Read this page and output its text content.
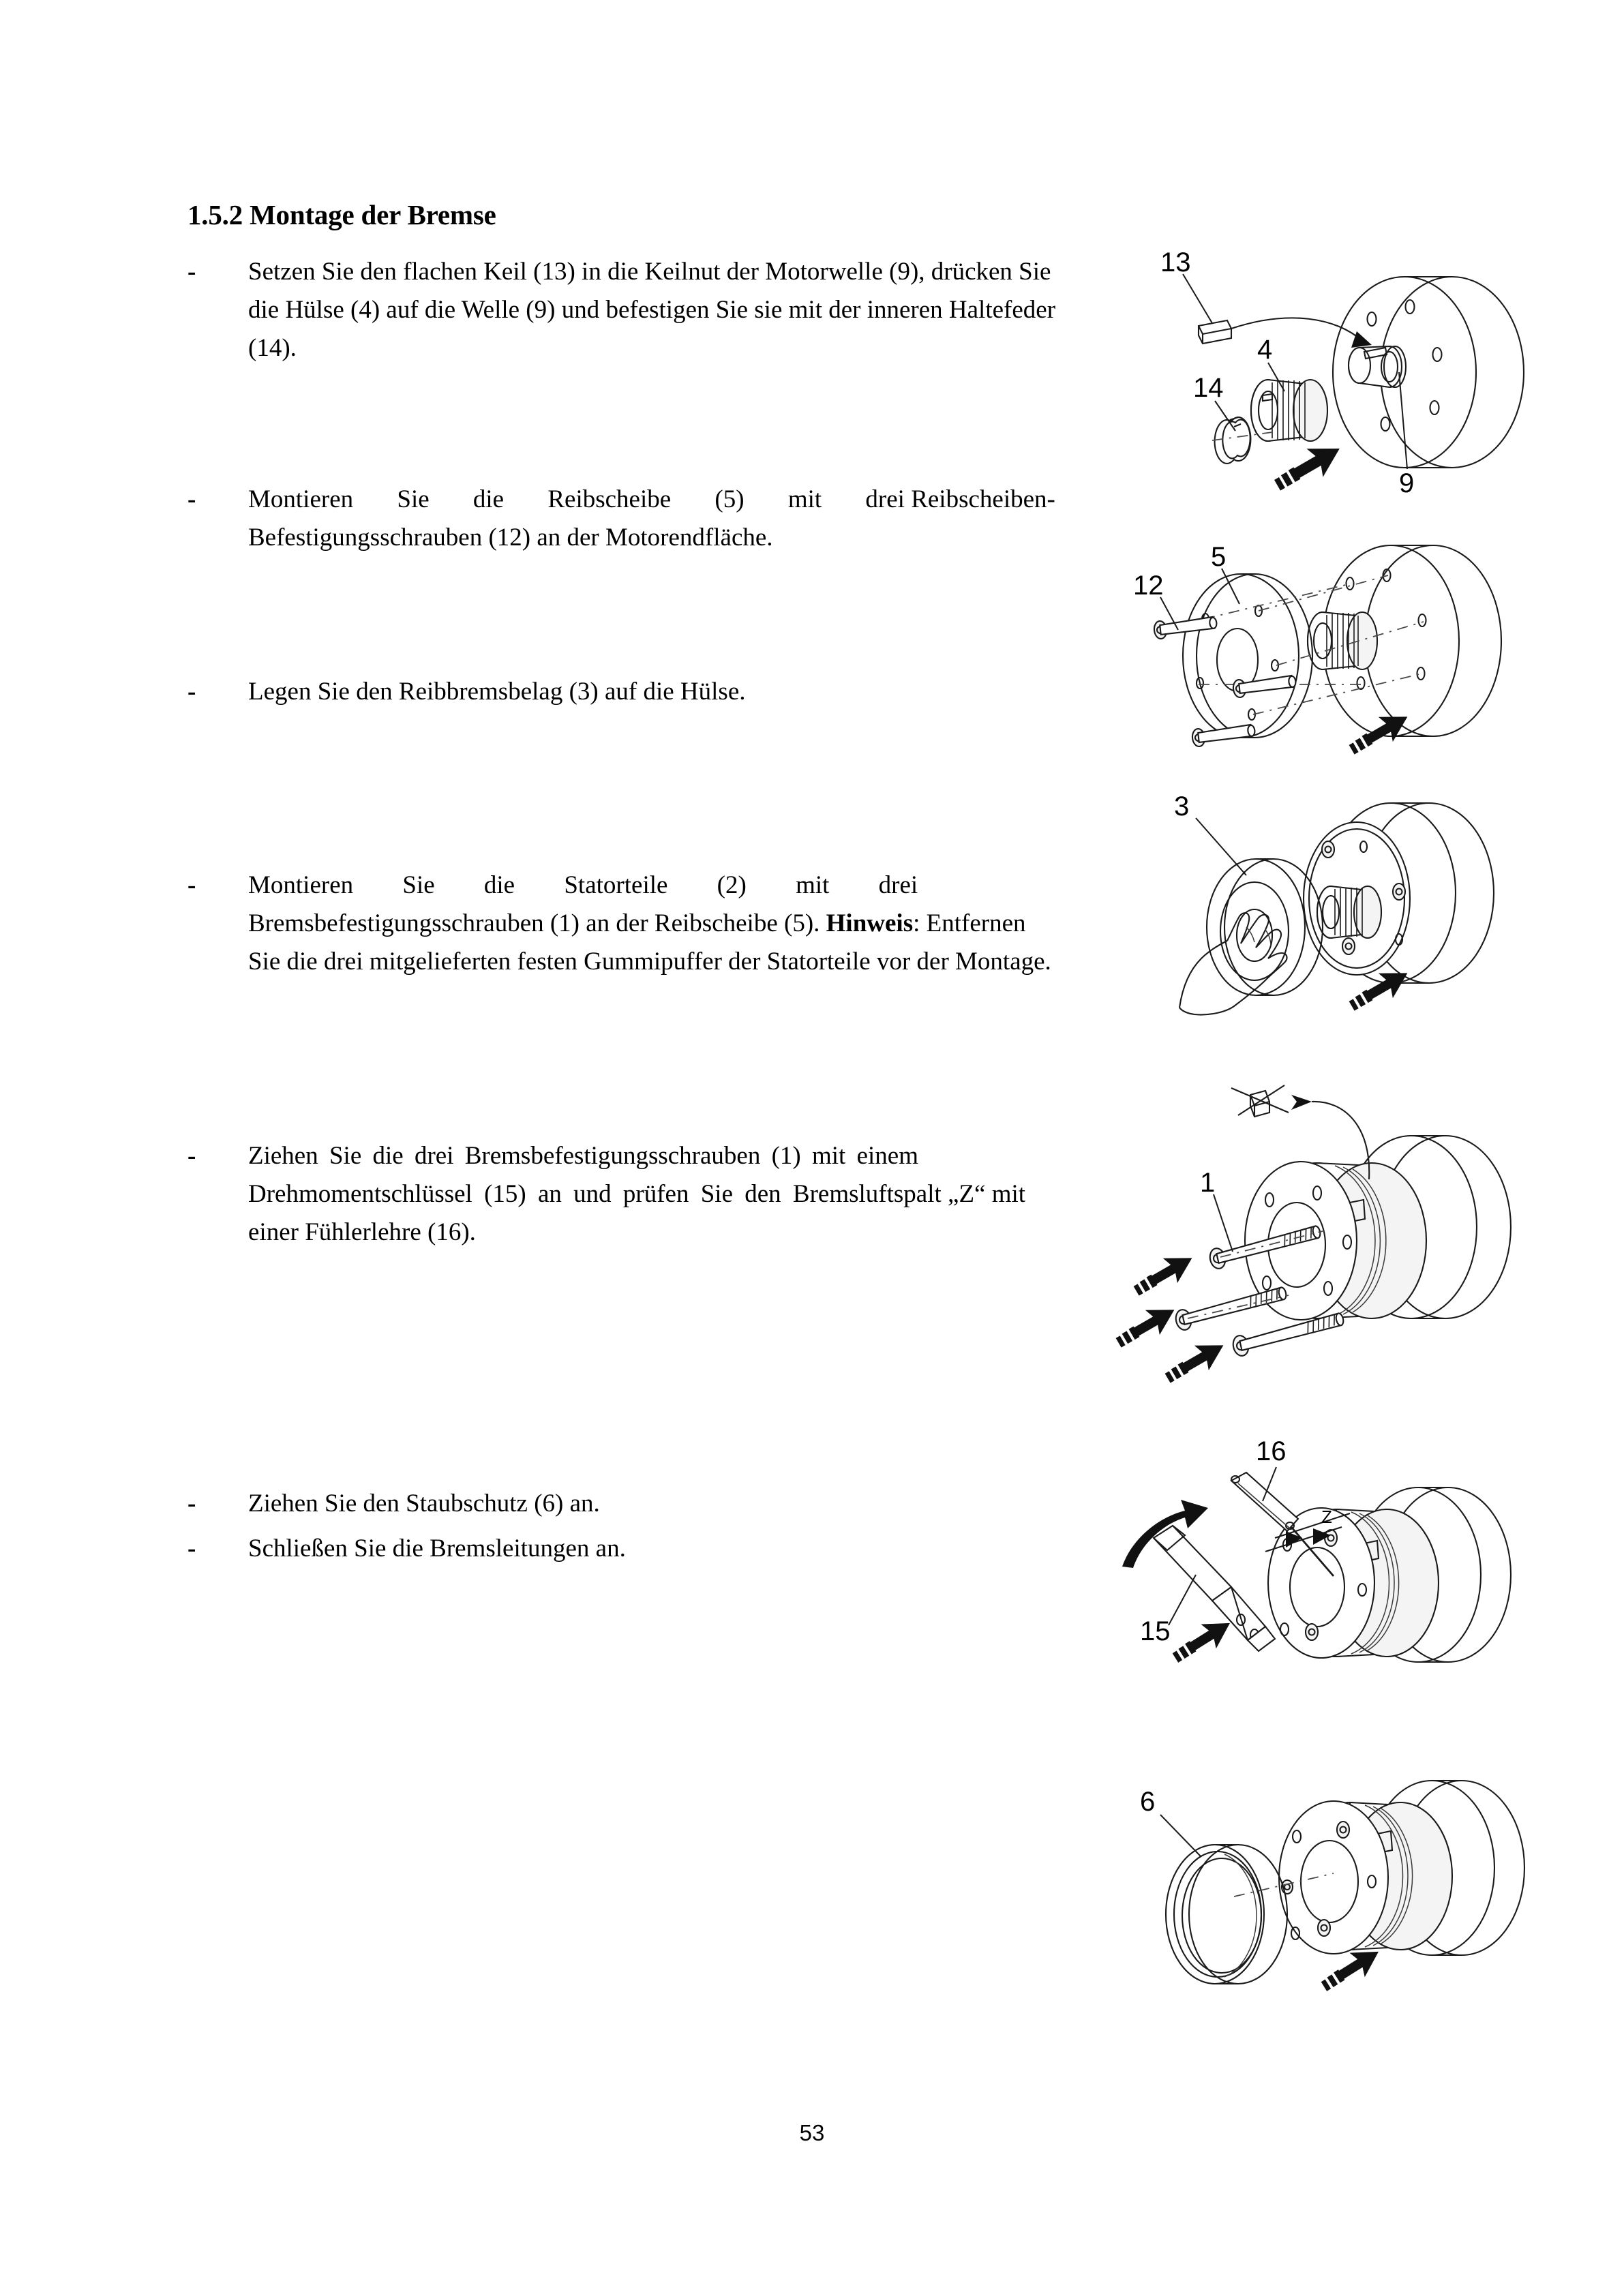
1.5.2 Montage der Bremse
-	Setzen Sie den flachen Keil (13) in die Keilnut der Motorwelle (9), drücken Sie die Hülse (4) auf die Welle (9) und befestigen Sie sie mit der inneren Haltefeder (14).
-	Montieren Sie die Reibscheibe (5) mit drei Reibscheiben-Befestigungsschrauben (12) an der Motorendfläche.
-	Legen Sie den Reibbremsbelag (3) auf die Hülse.
-	Montieren Sie die Statorteile (2) mit drei Bremsbefestigungsschrauben (1) an der Reibscheibe (5). Hinweis: Entfernen Sie die drei mitgelieferten festen Gummipuffer der Statorteile vor der Montage.
-	Ziehen Sie die drei Bremsbefestigungsschrauben (1) mit einem Drehmomentschlüssel (15) an und prüfen Sie den Bremsluftspalt „Z“ mit einer Fühlerlehre (16).
-	Ziehen Sie den Staubschutz (6) an.
-	Schließen Sie die Bremsleitungen an.
13
4
14
9
12
5
3
1
Z
16
15
6
53
